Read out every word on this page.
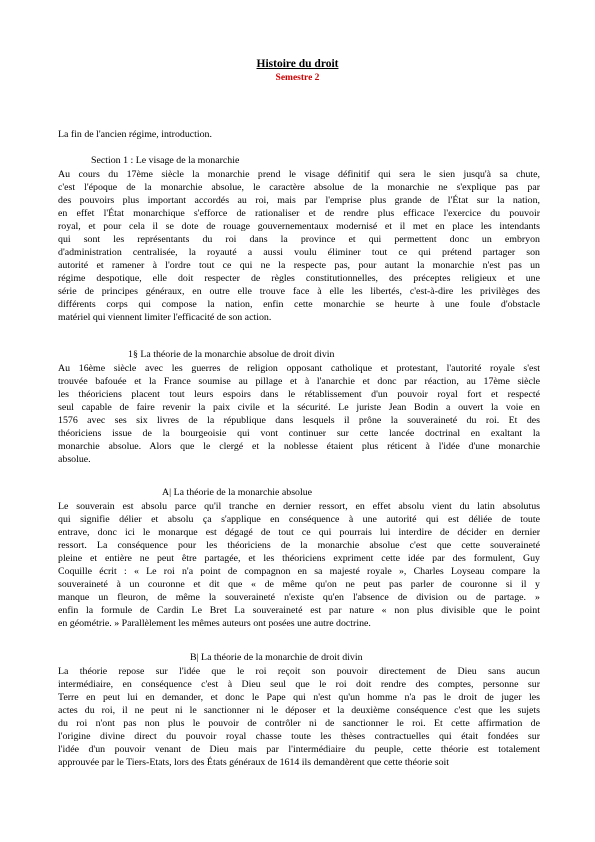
Histoire du droit
Semestre 2
La fin de l'ancien régime, introduction.
Section 1 : Le visage de la monarchie
Au cours du 17ème siècle la monarchie prend le visage définitif qui sera le sien jusqu'à sa chute,
c'est l'époque de la monarchie absolue, le caractère absolue de la monarchie ne s'explique pas par
des pouvoirs plus important accordés au roi, mais par l'emprise plus grande de l'État sur la nation,
en effet l'État monarchique s'efforce de rationaliser et de rendre plus efficace l'exercice du pouvoir
royal, et pour cela il se dote de rouage gouvernementaux modernisé et il met en place les intendants
qui sont les représentants du roi dans la province et qui permettent donc un embryon
d'administration centralisée, la royauté a aussi voulu éliminer tout ce qui prétend partager son
autorité et ramener à l'ordre tout ce qui ne la respecte pas, pour autant la monarchie n'est pas un
régime despotique, elle doit respecter de règles constitutionnelles, des préceptes religieux et une
série de principes généraux, en outre elle trouve face à elle les libertés, c'est-à-dire les privilèges des
différents corps qui compose la nation, enfin cette monarchie se heurte à une foule d'obstacle
matériel qui viennent limiter l'efficacité de son action.
1§ La théorie de la monarchie absolue de droit divin
Au 16ème siècle avec les guerres de religion opposant catholique et protestant, l'autorité royale s'est
trouvée bafouée et la France soumise au pillage et à l'anarchie et donc par réaction, au 17ème siècle
les théoriciens placent tout leurs espoirs dans le rétablissement d'un pouvoir royal fort et respecté
seul capable de faire revenir la paix civile et la sécurité. Le juriste Jean Bodin a ouvert la voie en
1576 avec ses six livres de la république dans lesquels il prône la souveraineté du roi. Et des
théoriciens issue de la bourgeoisie qui vont continuer sur cette lancée doctrinal en exaltant la
monarchie absolue. Alors que le clergé et la noblesse étaient plus réticent à l'idée d'une monarchie
absolue.
A| La théorie de la monarchie absolue
Le souverain est absolu parce qu'il tranche en dernier ressort, en effet absolu vient du latin absolutus
qui signifie délier et absolu ça s'applique en conséquence à une autorité qui est déliée de toute
entrave, donc ici le monarque est dégagé de tout ce qui pourrais lui interdire de décider en dernier
ressort. La conséquence pour les théoriciens de la monarchie absolue c'est que cette souveraineté
pleine et entière ne peut être partagée, et les théoriciens expriment cette idée par des formulent, Guy
Coquille écrit : « Le roi n'a point de compagnon en sa majesté royale », Charles Loyseau compare la
souveraineté à un couronne et dit que « de même qu'on ne peut pas parler de couronne si il y
manque un fleuron, de même la souveraineté n'existe qu'en l'absence de division ou de partage. »
enfin la formule de Cardin Le Bret La souveraineté est par nature « non plus divisible que le point
en géométrie. » Parallèlement les mêmes auteurs ont posées une autre doctrine.
B| La théorie de la monarchie de droit divin
La théorie repose sur l'idée que le roi reçoit son pouvoir directement de Dieu sans aucun
intermédiaire, en conséquence c'est à Dieu seul que le roi doit rendre des comptes, personne sur
Terre en peut lui en demander, et donc le Pape qui n'est qu'un homme n'a pas le droit de juger les
actes du roi, il ne peut ni le sanctionner ni le déposer et la deuxième conséquence c'est que les sujets
du roi n'ont pas non plus le pouvoir de contrôler ni de sanctionner le roi. Et cette affirmation de
l'origine divine direct du pouvoir royal chasse toute les thèses contractuelles qui était fondées sur
l'idée d'un pouvoir venant de Dieu mais par l'intermédiaire du peuple, cette théorie est totalement
approuvée par le Tiers-Etats, lors des États généraux de 1614 ils demandèrent que cette théorie soit
